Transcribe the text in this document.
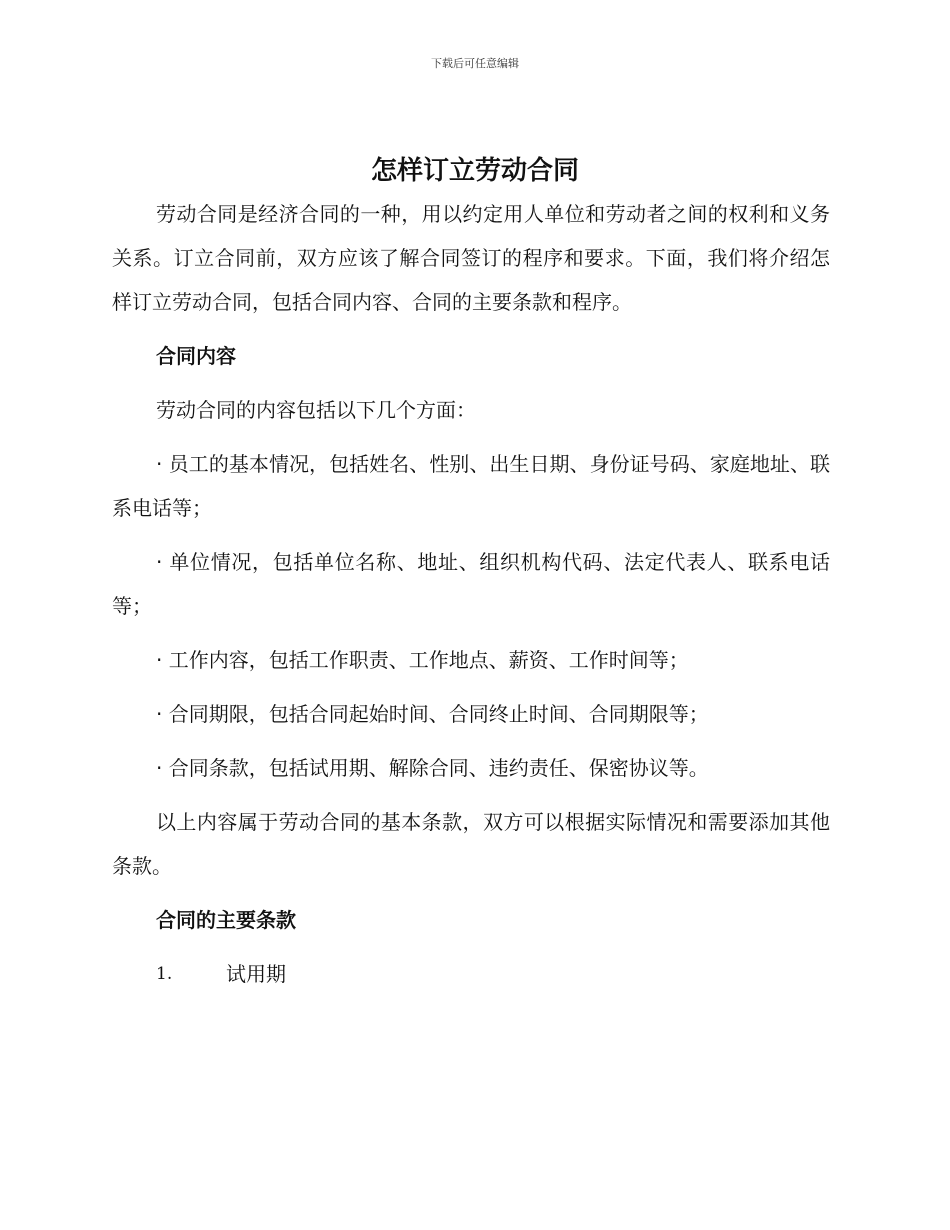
下载后可任意编辑
怎样订立劳动合同

劳动合同是经济合同的一种，用以约定用人单位和劳动者之间的权利和义务关系。订立合同前，双方应该了解合同签订的程序和要求。下面，我们将介绍怎样订立劳动合同，包括合同内容、合同的主要条款和程序。

合同内容

劳动合同的内容包括以下几个方面：

· 员工的基本情况，包括姓名、性别、出生日期、身份证号码、家庭地址、联系电话等；

· 单位情况，包括单位名称、地址、组织机构代码、法定代表人、联系电话等；

· 工作内容，包括工作职责、工作地点、薪资、工作时间等；

· 合同期限，包括合同起始时间、合同终止时间、合同期限等；

· 合同条款，包括试用期、解除合同、违约责任、保密协议等。

以上内容属于劳动合同的基本条款，双方可以根据实际情况和需要添加其他条款。

合同的主要条款
1.	试用期
